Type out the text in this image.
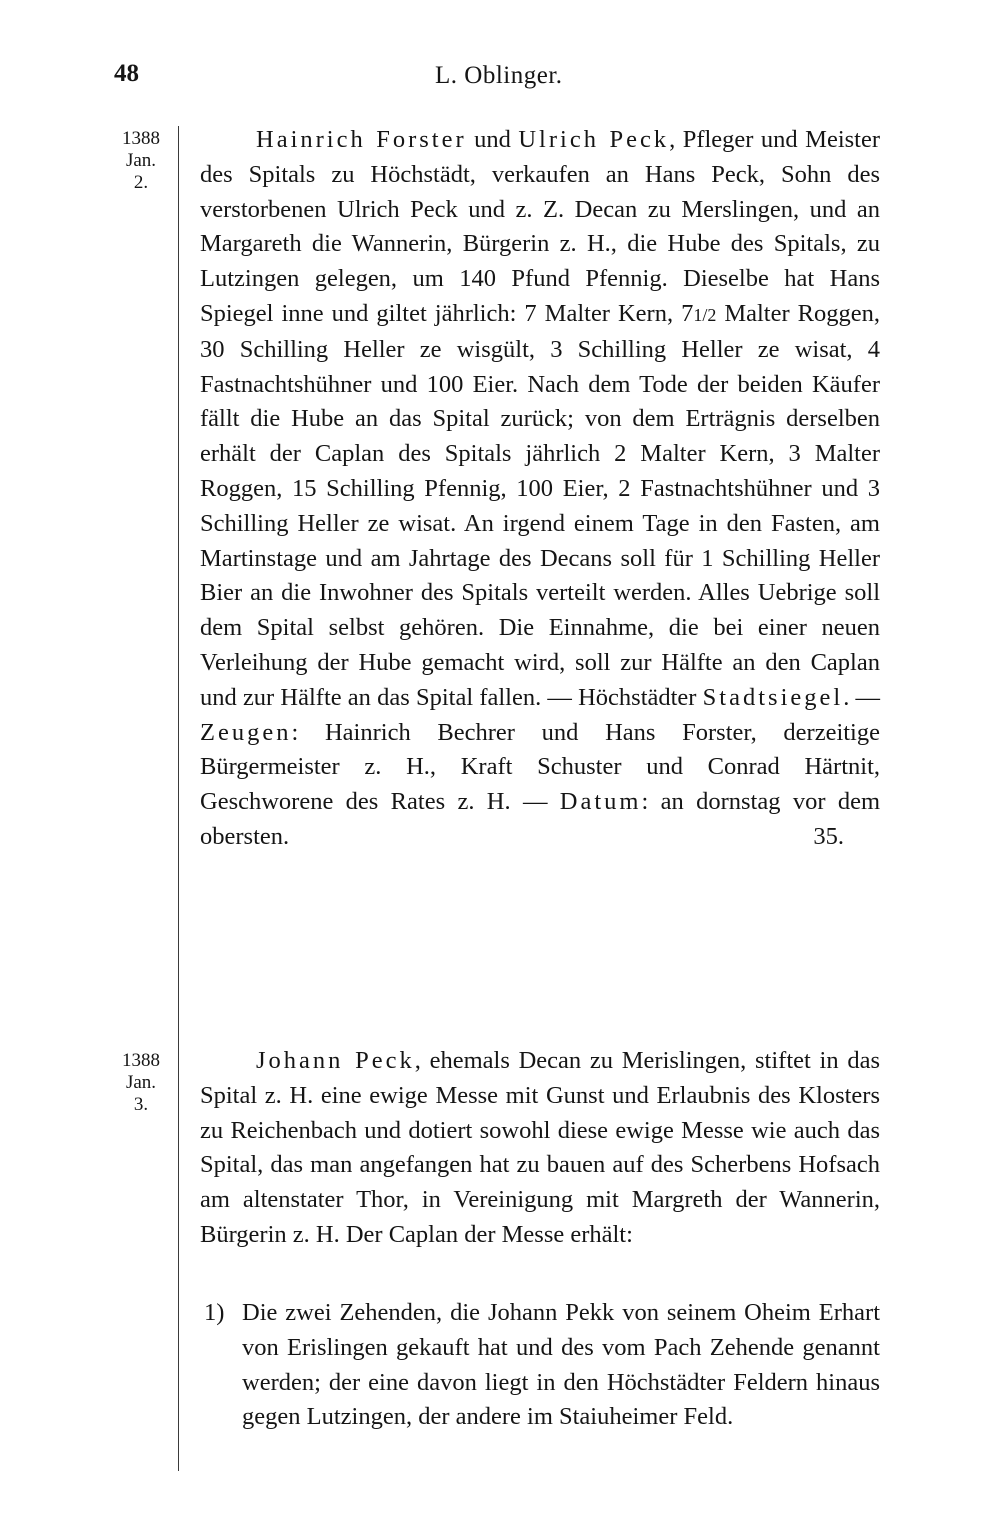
48	L. Oblinger.
1388
Jan.
2.

Hainrich Forster und Ulrich Peck, Pfleger und Meister des Spitals zu Höchstädt, verkaufen an Hans Peck, Sohn des verstorbenen Ulrich Peck und z. Z. Decan zu Merslingen, und an Margareth die Wannerin, Bürgerin z. H., die Hube des Spitals, zu Lutzingen gelegen, um 140 Pfund Pfennig. Dieselbe hat Hans Spiegel inne und giltet jährlich: 7 Malter Kern, 71/2 Malter Roggen, 30 Schilling Heller ze wisgült, 3 Schilling Heller ze wisat, 4 Fastnachtshühner und 100 Eier. Nach dem Tode der beiden Käufer fällt die Hube an das Spital zurück; von dem Erträgnis derselben erhält der Caplan des Spitals jährlich 2 Malter Kern, 3 Malter Roggen, 15 Schilling Pfennig, 100 Eier, 2 Fastnachtshühner und 3 Schilling Heller ze wisat. An irgend einem Tage in den Fasten, am Martinstage und am Jahrtage des Decans soll für 1 Schilling Heller Bier an die Inwohner des Spitals verteilt werden. Alles Uebrige soll dem Spital selbst gehören. Die Einnahme, die bei einer neuen Verleihung der Hube gemacht wird, soll zur Hälfte an den Caplan und zur Hälfte an das Spital fallen. — Höchstädter Stadtsiegel. — Zeugen: Hainrich Bechrer und Hans Forster, derzeitige Bürgermeister z. H., Kraft Schuster und Conrad Härtnit, Geschworene des Rates z. H. — Datum: an dornstag vor dem obersten.	35.

1388
Jan.
3.

Johann Peck, ehemals Decan zu Merislingen, stiftet in das Spital z. H. eine ewige Messe mit Gunst und Erlaubnis des Klosters zu Reichenbach und dotiert sowohl diese ewige Messe wie auch das Spital, das man angefangen hat zu bauen auf des Scherbens Hofsach am altenstater Thor, in Vereinigung mit Margreth der Wannerin, Bürgerin z. H. Der Caplan der Messe erhält:

1) Die zwei Zehenden, die Johann Pekk von seinem Oheim Erhart von Erislingen gekauft hat und des vom Pach Zehende genannt werden; der eine davon liegt in den Höchstädter Feldern hinaus gegen Lutzingen, der andere im Staiuheimer Feld.
